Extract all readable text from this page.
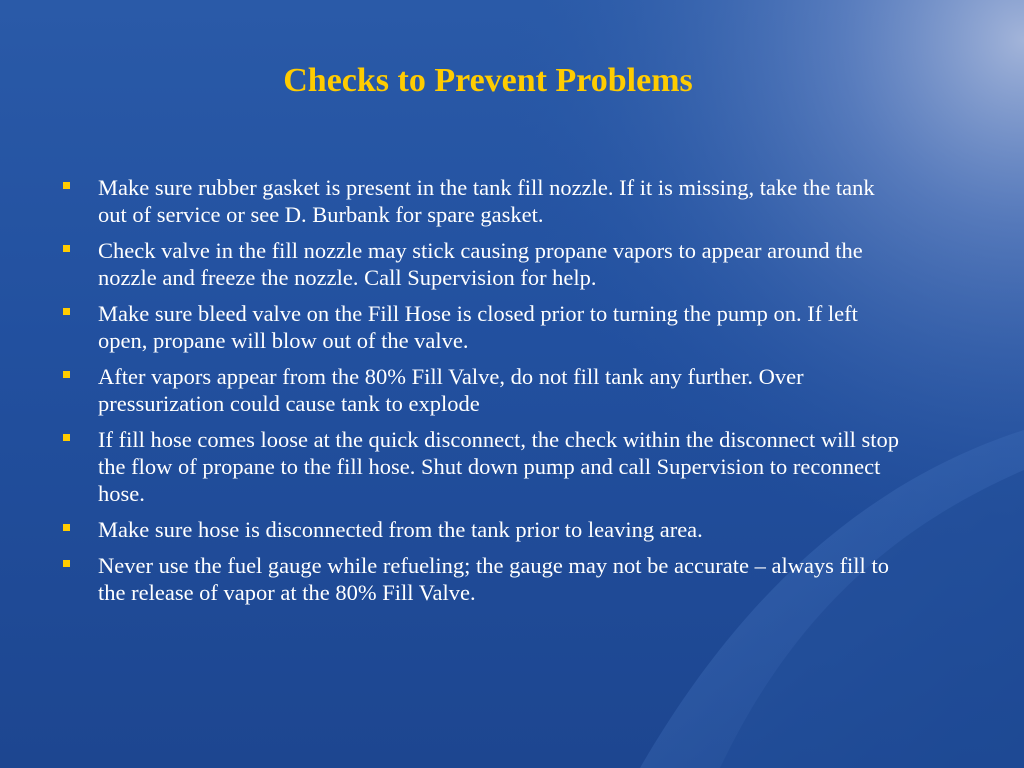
Checks to Prevent Problems
Make sure rubber gasket is present in the tank fill nozzle. If it is missing, take the tank out of service or see D. Burbank for spare gasket.
Check valve in the fill nozzle may stick causing propane vapors to appear around the nozzle and freeze the nozzle. Call Supervision for help.
Make sure bleed valve on the Fill Hose is closed prior to turning the pump on. If left open, propane will blow out of the valve.
After vapors appear from the 80% Fill Valve, do not fill tank any further. Over pressurization could cause tank to explode
If fill hose comes loose at the quick disconnect, the check within the disconnect will stop the flow of propane to the fill hose. Shut down pump and call Supervision to reconnect hose.
Make sure hose is disconnected from the tank prior to leaving area.
Never use the fuel gauge while refueling; the gauge may not be accurate – always fill to the release of vapor at the 80% Fill Valve.
